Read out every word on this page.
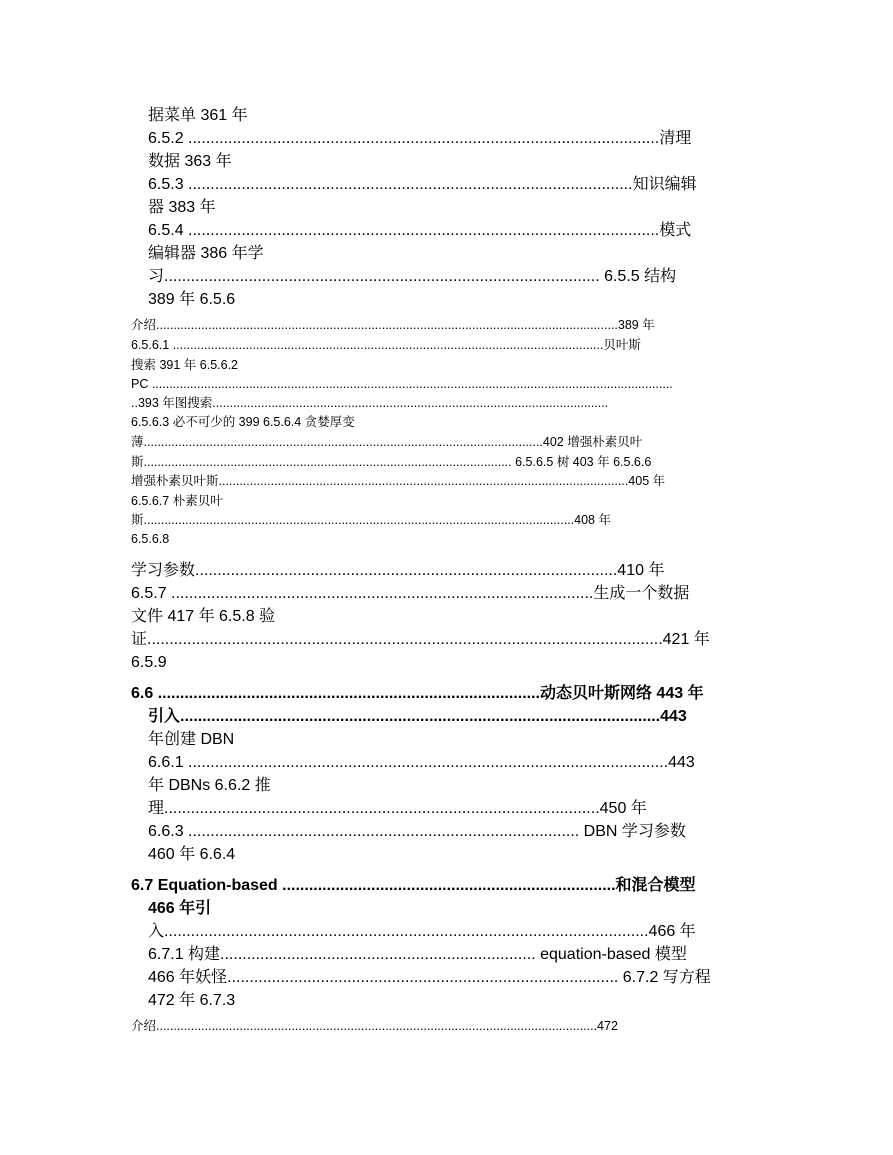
据菜单 361 年
6.5.2 ..........................................................................................................清理
数据 363 年
6.5.3 ....................................................................................................知识编辑
器 383 年
6.5.4 ..........................................................................................................模式
编辑器 386 年学
习.................................................................................................. 6.5.5 结构
389 年 6.5.6
介绍.....................................................................................................................................389 年
6.5.6.1 ............................................................................................................................贝叶斯
搜索 391 年 6.5.6.2
PC ......................................................................................................................................................
..393 年图搜索..................................................................................................................
6.5.6.3 必不可少的 399 6.5.6.4 贪婪厚变
薄...................................................................................................................402 增强朴素贝叶
斯.......................................................................................................... 6.5.6.5 树 403 年 6.5.6.6
增强朴素贝叶斯......................................................................................................................405 年
6.5.6.7 朴素贝叶
斯............................................................................................................................408 年
6.5.6.8
学习参数...............................................................................................410 年
6.5.7 ...............................................................................................生成一个数据
文件 417 年 6.5.8 验
证....................................................................................................................421 年
6.5.9
6.6 ......................................................................................动态贝叶斯网络 443 年
引入............................................................................................................443
年创建 DBN
6.6.1 ............................................................................................................443
年 DBNs 6.6.2 推
理..................................................................................................450 年
6.6.3 ........................................................................................ DBN 学习参数
460 年 6.6.4
6.7 Equation-based ...........................................................................和混合模型
466 年引
入.............................................................................................................466 年
6.7.1 构建....................................................................... equation-based 模型
466 年妖怪........................................................................................ 6.7.2 写方程
472 年 6.7.3
介绍...............................................................................................................................472
